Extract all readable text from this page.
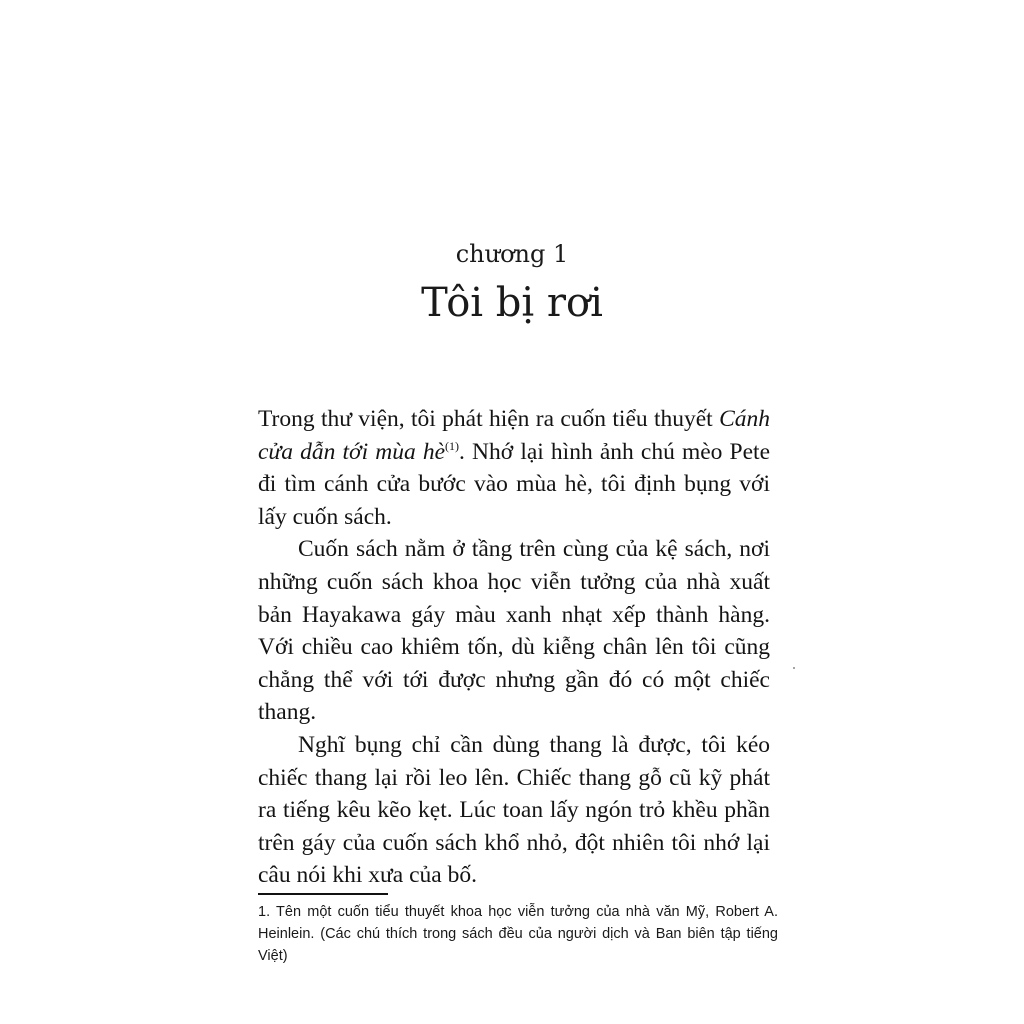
chương 1
Tôi bị rơi

Trong thư viện, tôi phát hiện ra cuốn tiểu thuyết Cánh cửa dẫn tới mùa hè$^{(1)}$. Nhớ lại hình ảnh chú mèo Pete đi tìm cánh cửa bước vào mùa hè, tôi định bụng với lấy cuốn sách.

Cuốn sách nằm ở tầng trên cùng của kệ sách, nơi những cuốn sách khoa học viễn tưởng của nhà xuất bản Hayakawa gáy màu xanh nhạt xếp thành hàng. Với chiều cao khiêm tốn, dù kiễng chân lên tôi cũng chẳng thể với tới được nhưng gần đó có một chiếc thang.

Nghĩ bụng chỉ cần dùng thang là được, tôi kéo chiếc thang lại rồi leo lên. Chiếc thang gỗ cũ kỹ phát ra tiếng kêu kẽo kẹt. Lúc toan lấy ngón trỏ khều phần trên gáy của cuốn sách khổ nhỏ, đột nhiên tôi nhớ lại câu nói khi xưa của bố.

1. Tên một cuốn tiểu thuyết khoa học viễn tưởng của nhà văn Mỹ, Robert A. Heinlein. (Các chú thích trong sách đều của người dịch và Ban biên tập tiếng Việt)
